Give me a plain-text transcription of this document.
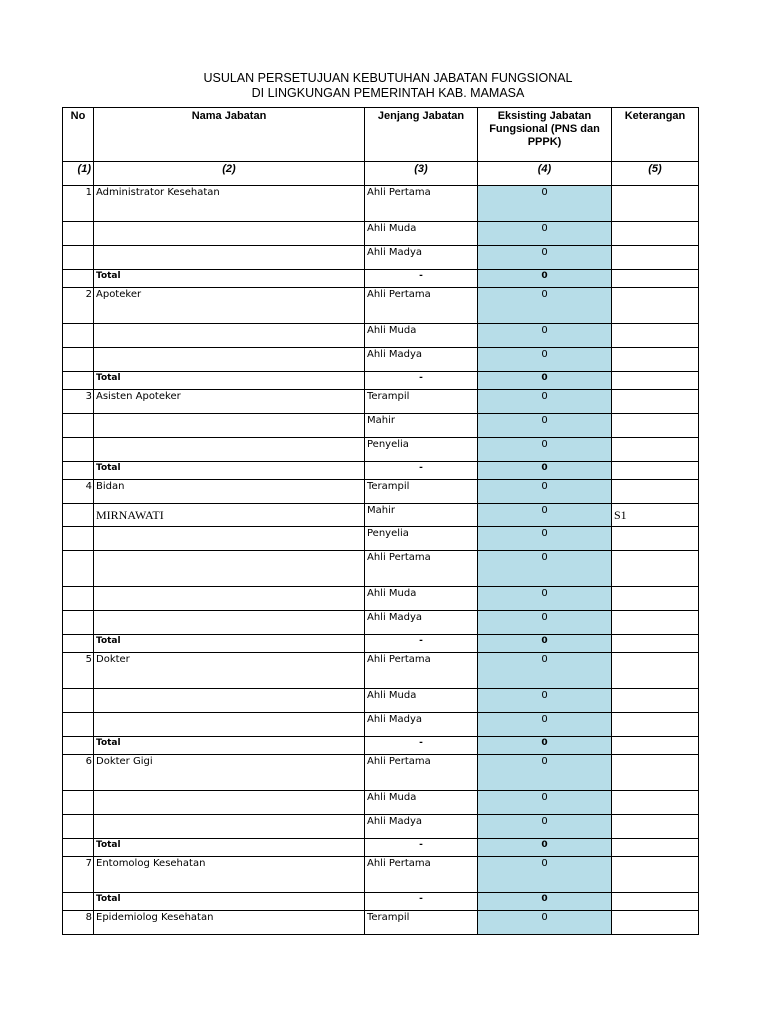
USULAN PERSETUJUAN KEBUTUHAN JABATAN FUNGSIONAL
DI LINGKUNGAN PEMERINTAH KAB. MAMASA
No	Nama Jabatan	Jenjang Jabatan	Eksisting Jabatan Fungsional (PNS dan PPPK)	Keterangan
(1)	(2)	(3)	(4)	(5)
1	Administrator Kesehatan	Ahli Pertama	0	
		Ahli Muda	0	
		Ahli Madya	0	
	Total	-	0	
2	Apoteker	Ahli Pertama	0	
		Ahli Muda	0	
		Ahli Madya	0	
	Total	-	0	
3	Asisten Apoteker	Terampil	0	
		Mahir	0	
		Penyelia	0	
	Total	-	0	
4	Bidan	Terampil	0	
	MIRNAWATI	Mahir	0	S1
		Penyelia	0	
		Ahli Pertama	0	
		Ahli Muda	0	
		Ahli Madya	0	
	Total	-	0	
5	Dokter	Ahli Pertama	0	
		Ahli Muda	0	
		Ahli Madya	0	
	Total	-	0	
6	Dokter Gigi	Ahli Pertama	0	
		Ahli Muda	0	
		Ahli Madya	0	
	Total	-	0	
7	Entomolog Kesehatan	Ahli Pertama	0	
	Total	-	0	
8	Epidemiolog Kesehatan	Terampil	0	
